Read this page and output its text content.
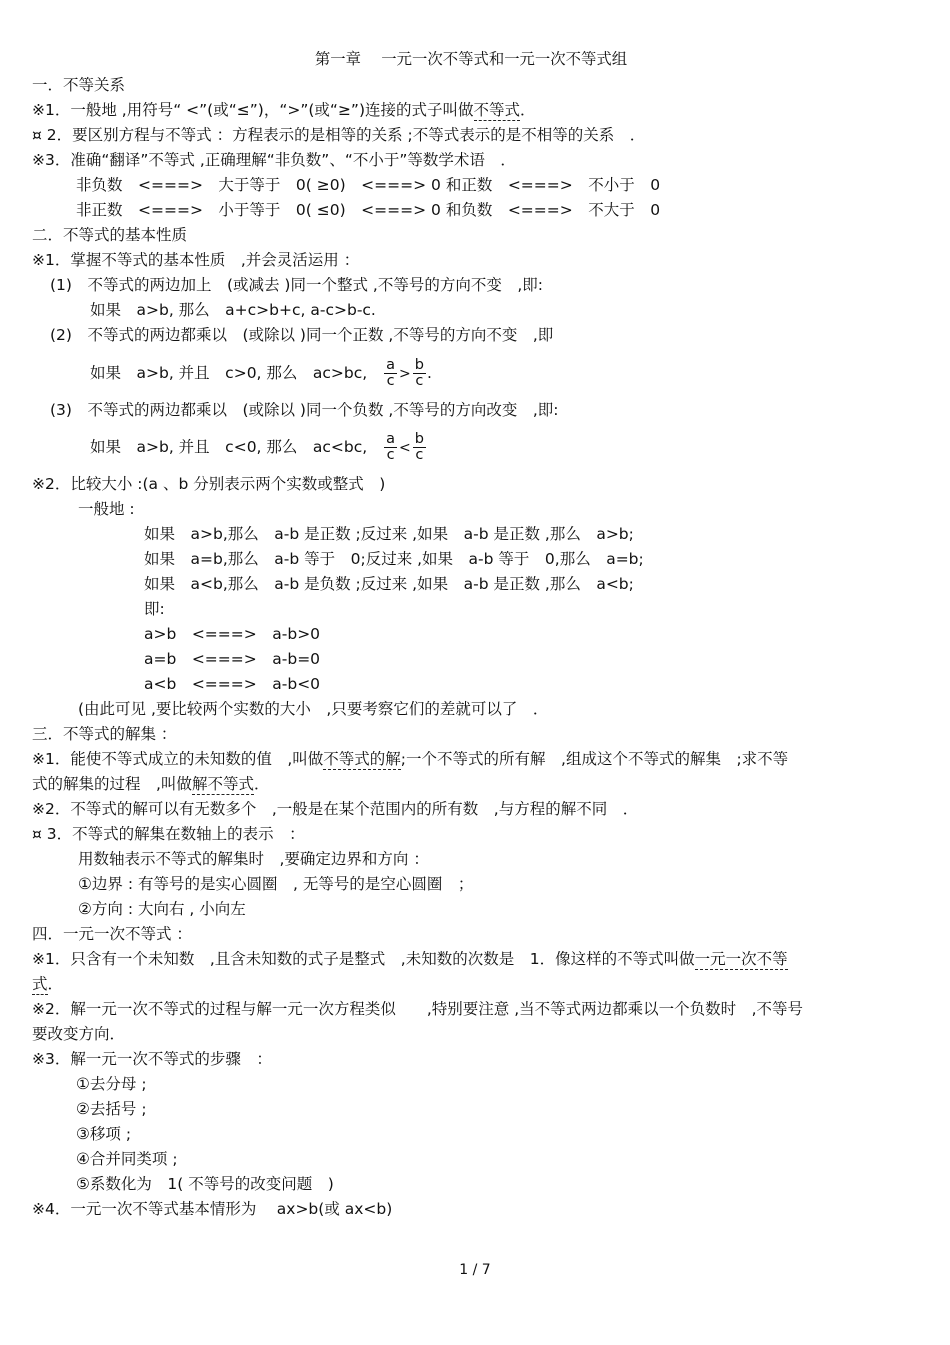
第一章　 一元一次不等式和一元一次不等式组
一．不等关系
※1．一般地 ,用符号“ <”(或“≤”)，“>”(或“≥”)连接的式子叫做不等式．
¤ 2．要区别方程与不等式 ：方程表示的是相等的关系 ;不等式表示的是不相等的关系　．
※3．准确“翻译”不等式 ,正确理解“非负数”、“不小于”等数学术语　．
非负数　<===>　大于等于　0( ≥0)　<===> 0 和正数　<===>　不小于　0
非正数　<===>　小于等于　0( ≤0)　<===> 0 和负数　<===>　不大于　0
二．不等式的基本性质
※1．掌握不等式的基本性质　,并会灵活运用 ：
(1)　不等式的两边加上　(或减去 )同一个整式 ,不等号的方向不变　,即:
如果　a>b, 那么　a+c>b+c, a-c>b-c.
(2)　不等式的两边都乘以　(或除以 )同一个正数 ,不等号的方向不变　,即
如果　a>b, 并且　c>0, 那么　ac>bc, $\frac{a}{c} > \frac{b}{c}$ .
(3)　不等式的两边都乘以　(或除以 )同一个负数 ,不等号的方向改变　,即:
如果　a>b, 并且　c<0, 那么　ac<bc, $\frac{a}{c} < \frac{b}{c}$
※2．比较大小 :(a 、b 分别表示两个实数或整式　)
一般地 :
如果　a>b,那么　a-b 是正数 ;反过来 ,如果　a-b 是正数 ,那么　a>b;
如果　a=b,那么　a-b 等于　0;反过来 ,如果　a-b 等于　0,那么　a=b;
如果　a<b,那么　a-b 是负数 ;反过来 ,如果　a-b 是正数 ,那么　a<b;
即:
a>b　<===>　a-b>0
a=b　<===>　a-b=0
a<b　<===>　a-b<0
(由此可见 ,要比较两个实数的大小　,只要考察它们的差就可以了　．
三．不等式的解集 ：
※1．能使不等式成立的未知数的值　,叫做不等式的解;一个不等式的所有解　,组成这个不等式的解集　;求不等
式的解集的过程　,叫做解不等式．
※2．不等式的解可以有无数多个　,一般是在某个范围内的所有数　,与方程的解不同　．
¤ 3．不等式的解集在数轴上的表示　：
用数轴表示不等式的解集时　,要确定边界和方向 ：
①边界 : 有等号的是实心圆圈　, 无等号的是空心圆圈　；
②方向 : 大向右 , 小向左
四．一元一次不等式 ：
※1．只含有一个未知数　,且含未知数的式子是整式　,未知数的次数是　1．像这样的不等式叫做一元一次不等
式．
※2．解一元一次不等式的过程与解一元一次方程类似　　,特别要注意 ,当不等式两边都乘以一个负数时　,不等号
要改变方向．
※3．解一元一次不等式的步骤　：
①去分母 ;
②去括号 ;
③移项 ;
④合并同类项 ;
⑤系数化为　1( 不等号的改变问题　)
※4．一元一次不等式基本情形为　 ax>b(或 ax<b)
1 / 7
